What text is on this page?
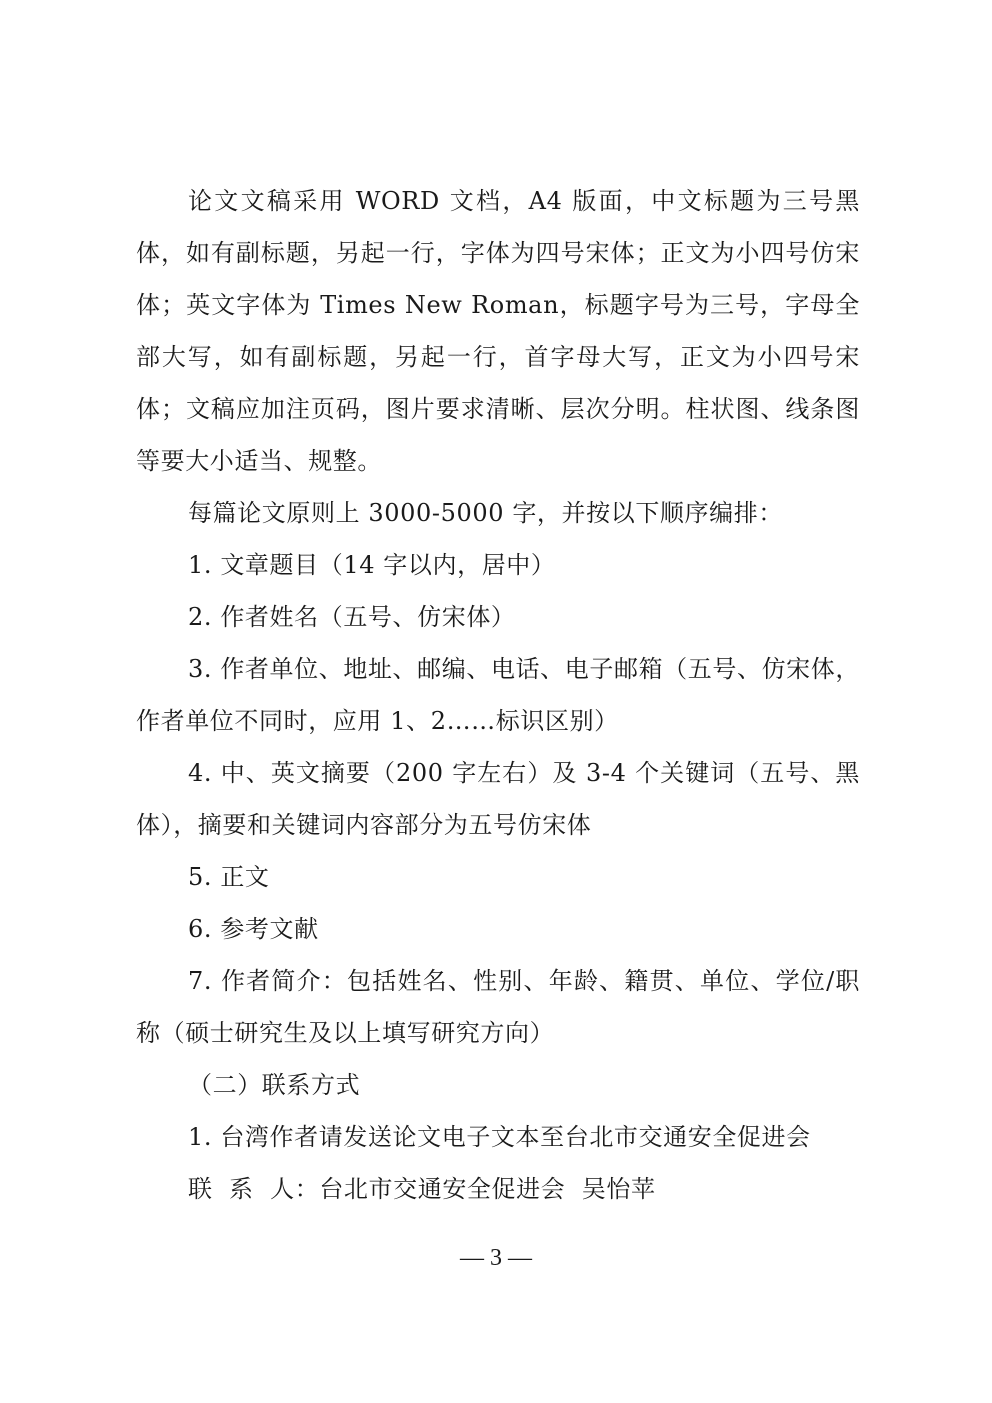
论文文稿采用 WORD 文档，A4 版面，中文标题为三号黑体，如有副标题，另起一行，字体为四号宋体；正文为小四号仿宋体；英文字体为 Times New Roman，标题字号为三号，字母全部大写，如有副标题，另起一行，首字母大写，正文为小四号宋体；文稿应加注页码，图片要求清晰、层次分明。柱状图、线条图等要大小适当、规整。

每篇论文原则上 3000-5000 字，并按以下顺序编排：

1. 文章题目（14 字以内，居中）

2. 作者姓名（五号、仿宋体）

3. 作者单位、地址、邮编、电话、电子邮箱（五号、仿宋体，作者单位不同时，应用 1、2……标识区别）

4. 中、英文摘要（200 字左右）及 3-4 个关键词（五号、黑体），摘要和关键词内容部分为五号仿宋体

5. 正文

6. 参考文献

7. 作者简介：包括姓名、性别、年龄、籍贯、单位、学位/职称（硕士研究生及以上填写研究方向）

（二）联系方式

1. 台湾作者请发送论文电子文本至台北市交通安全促进会

联  系  人：台北市交通安全促进会  吴怡苹

— 3 —
